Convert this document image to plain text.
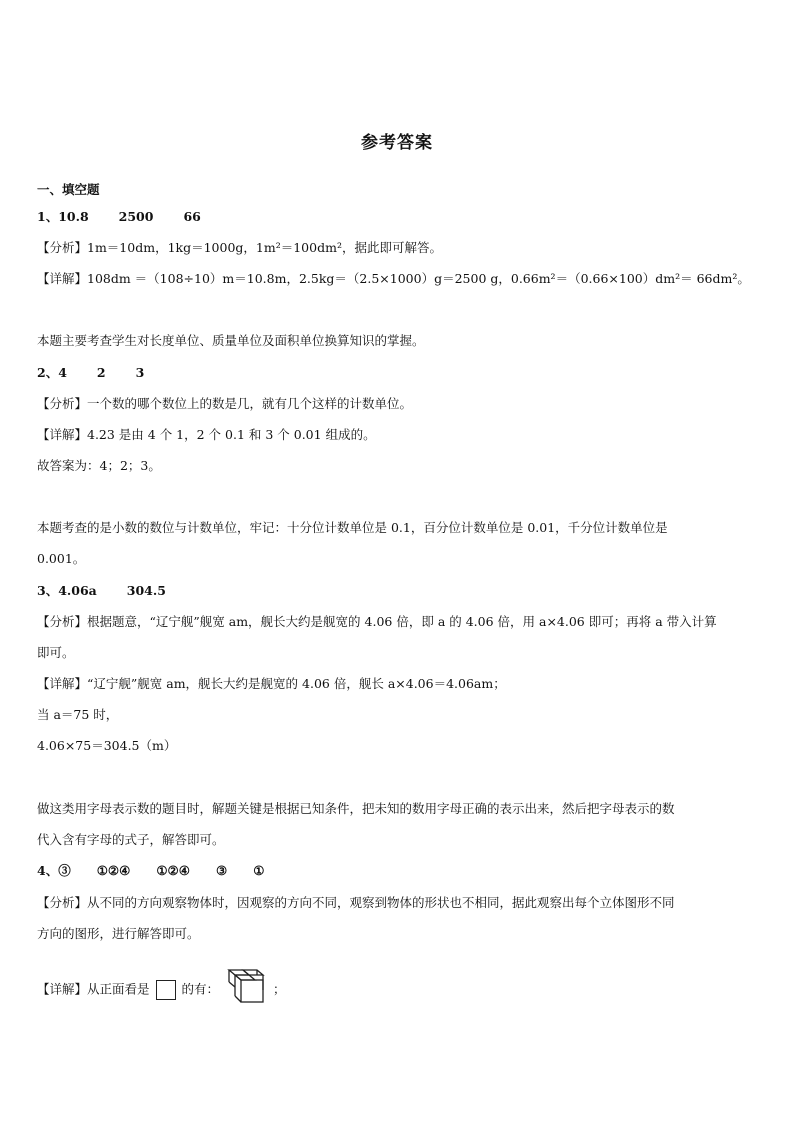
参考答案
一、填空题
1、10.8 2500 66
【分析】1m＝10dm，1kg＝1000g，1m²＝100dm²，据此即可解答。
【详解】108dm ＝（108÷10）m＝10.8m，2.5kg＝（2.5×1000）g＝2500 g，0.66m²＝（0.66×100）dm²＝ 66dm²。
本题主要考查学生对长度单位、质量单位及面积单位换算知识的掌握。
2、4 2 3
【分析】一个数的哪个数位上的数是几，就有几个这样的计数单位。
【详解】4.23 是由 4 个 1，2 个 0.1 和 3 个 0.01 组成的。
故答案为：4；2；3。
本题考查的是小数的数位与计数单位，牢记：十分位计数单位是 0.1，百分位计数单位是 0.01，千分位计数单位是
0.001。
3、4.06a 304.5
【分析】根据题意，“辽宁舰”舰宽 am，舰长大约是舰宽的 4.06 倍，即 a 的 4.06 倍，用 a×4.06 即可；再将 a 带入计算
即可。
【详解】“辽宁舰”舰宽 am，舰长大约是舰宽的 4.06 倍，舰长 a×4.06＝4.06am；
当 a＝75 时，
4.06×75＝304.5（m）
做这类用字母表示数的题目时，解题关键是根据已知条件，把未知的数用字母正确的表示出来，然后把字母表示的数
代入含有字母的式子，解答即可。
4、③ ①②④ ①②④ ③ ①
【分析】从不同的方向观察物体时，因观察的方向不同，观察到物体的形状也不相同，据此观察出每个立体图形不同
方向的图形，进行解答即可。
【详解】从正面看是	的有：	；
